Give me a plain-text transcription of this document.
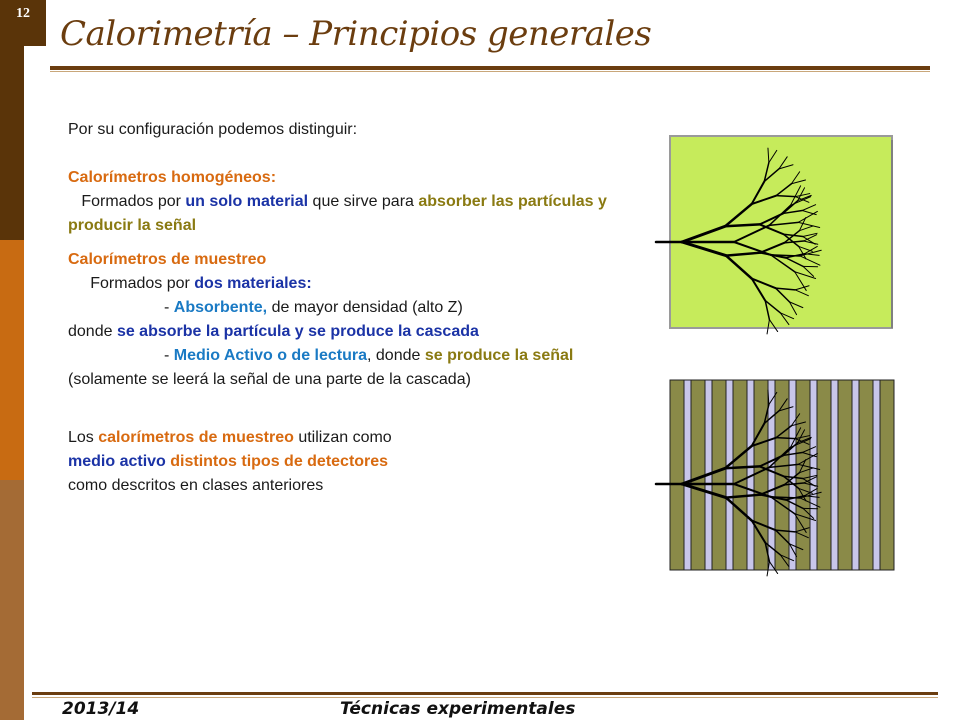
12
Calorimetría – Principios generales

Por su configuración podemos distinguir:

Calorímetros homogéneos:

Formados por un solo material que sirve para absorber las partículas y producir la señal

Calorímetros de muestreo

Formados por dos materiales:

- Absorbente, de mayor densidad (alto Z)

donde se absorbe la partícula y se produce la cascada

- Medio Activo o de lectura, donde se produce la señal (solamente se leerá la señal de una parte de la cascada)

Los calorímetros de muestreo utilizan como
medio activo distintos tipos de detectores
como descritos en clases anteriores

2013/14	Técnicas experimentales
